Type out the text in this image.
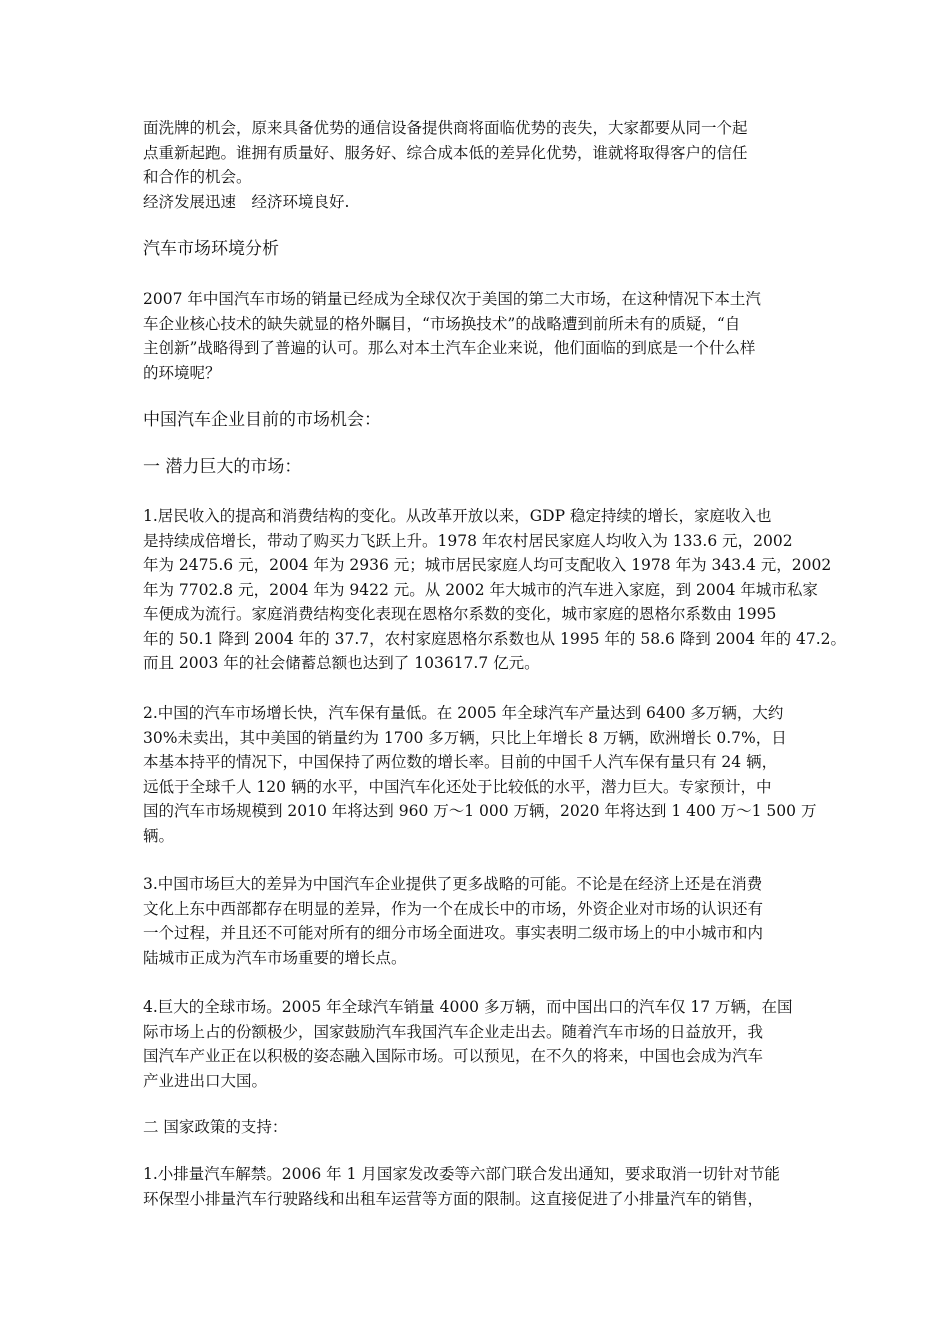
面洗牌的机会，原来具备优势的通信设备提供商将面临优势的丧失，大家都要从同一个起
点重新起跑。谁拥有质量好、服务好、综合成本低的差异化优势，谁就将取得客户的信任
和合作的机会。
经济发展迅速　经济环境良好.
汽车市场环境分析
2007 年中国汽车市场的销量已经成为全球仅次于美国的第二大市场，在这种情况下本土汽
车企业核心技术的缺失就显的格外瞩目，“市场换技术”的战略遭到前所未有的质疑，“自
主创新”战略得到了普遍的认可。那么对本土汽车企业来说，他们面临的到底是一个什么样
的环境呢？
中国汽车企业目前的市场机会：
一 潜力巨大的市场：
1.居民收入的提高和消费结构的变化。从改革开放以来，GDP 稳定持续的增长，家庭收入也
是持续成倍增长，带动了购买力飞跃上升。1978 年农村居民家庭人均收入为 133.6 元，2002
年为 2475.6 元，2004 年为 2936 元；城市居民家庭人均可支配收入 1978 年为 343.4 元，2002
年为 7702.8 元，2004 年为 9422 元。从 2002 年大城市的汽车进入家庭，到 2004 年城市私家
车便成为流行。家庭消费结构变化表现在恩格尔系数的变化，城市家庭的恩格尔系数由 1995
年的 50.1 降到 2004 年的 37.7，农村家庭恩格尔系数也从 1995 年的 58.6 降到 2004 年的 47.2。
而且 2003 年的社会储蓄总额也达到了 103617.7 亿元。
2.中国的汽车市场增长快，汽车保有量低。在 2005 年全球汽车产量达到 6400 多万辆，大约
30%未卖出，其中美国的销量约为 1700 多万辆，只比上年增长 8 万辆，欧洲增长 0.7%，日
本基本持平的情况下，中国保持了两位数的增长率。目前的中国千人汽车保有量只有 24 辆，
远低于全球千人 120 辆的水平，中国汽车化还处于比较低的水平，潜力巨大。专家预计，中
国的汽车市场规模到 2010 年将达到 960 万～1 000 万辆，2020 年将达到 1 400 万～1 500 万
辆。
3.中国市场巨大的差异为中国汽车企业提供了更多战略的可能。不论是在经济上还是在消费
文化上东中西部都存在明显的差异，作为一个在成长中的市场，外资企业对市场的认识还有
一个过程，并且还不可能对所有的细分市场全面进攻。事实表明二级市场上的中小城市和内
陆城市正成为汽车市场重要的增长点。
4.巨大的全球市场。2005 年全球汽车销量 4000 多万辆，而中国出口的汽车仅 17 万辆，在国
际市场上占的份额极少，国家鼓励汽车我国汽车企业走出去。随着汽车市场的日益放开，我
国汽车产业正在以积极的姿态融入国际市场。可以预见，在不久的将来，中国也会成为汽车
产业进出口大国。
二 国家政策的支持：
1.小排量汽车解禁。2006 年 1 月国家发改委等六部门联合发出通知，要求取消一切针对节能
环保型小排量汽车行驶路线和出租车运营等方面的限制。这直接促进了小排量汽车的销售，
